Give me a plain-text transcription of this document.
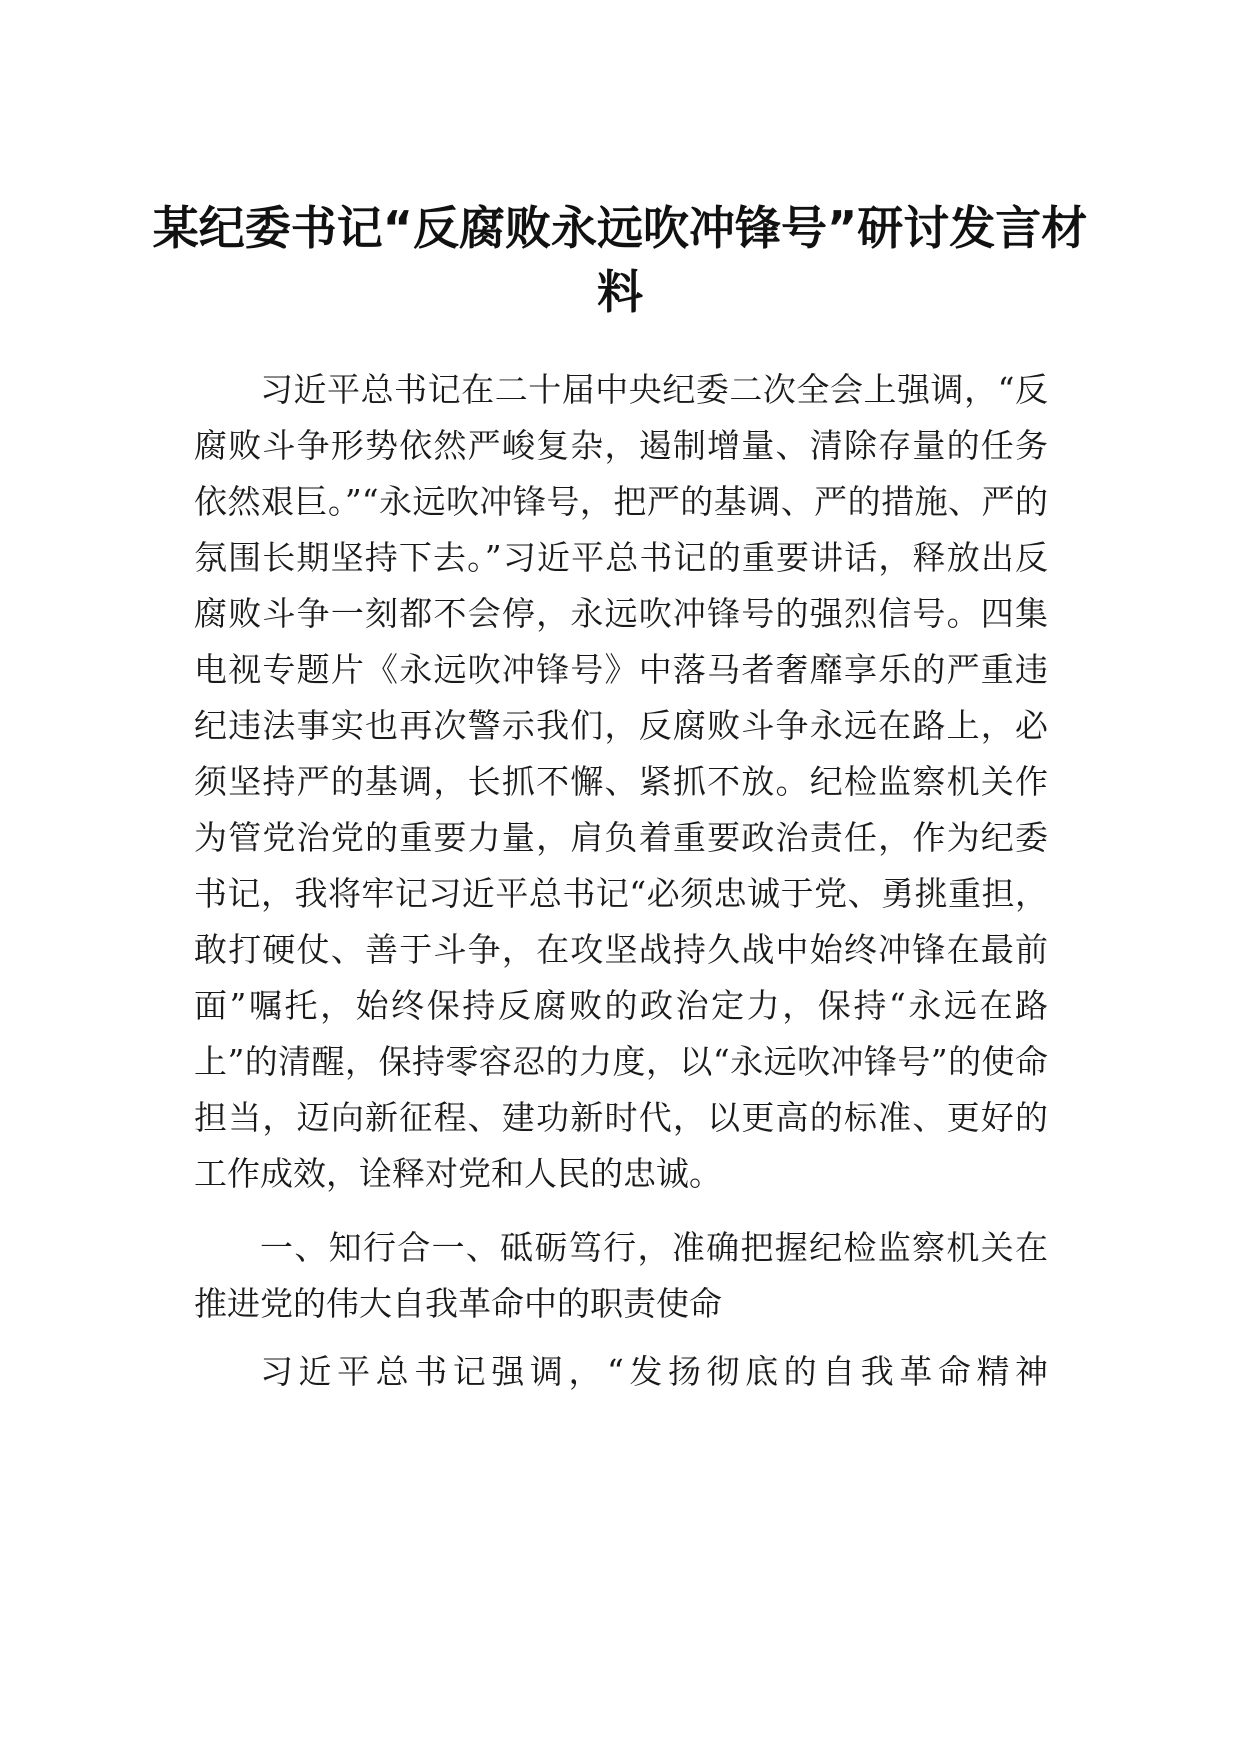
某纪委书记“反腐败永远吹冲锋号”研讨发言材料

习近平总书记在二十届中央纪委二次全会上强调，“反腐败斗争形势依然严峻复杂，遏制增量、清除存量的任务依然艰巨。”“永远吹冲锋号，把严的基调、严的措施、严的氛围长期坚持下去。”习近平总书记的重要讲话，释放出反腐败斗争一刻都不会停，永远吹冲锋号的强烈信号。四集电视专题片《永远吹冲锋号》中落马者奢靡享乐的严重违纪违法事实也再次警示我们，反腐败斗争永远在路上，必须坚持严的基调，长抓不懈、紧抓不放。纪检监察机关作为管党治党的重要力量，肩负着重要政治责任，作为纪委书记，我将牢记习近平总书记“必须忠诚于党、勇挑重担，敢打硬仗、善于斗争，在攻坚战持久战中始终冲锋在最前面”嘱托，始终保持反腐败的政治定力，保持“永远在路上”的清醒，保持零容忍的力度，以“永远吹冲锋号”的使命担当，迈向新征程、建功新时代，以更高的标准、更好的工作成效，诠释对党和人民的忠诚。

一、知行合一、砥砺笃行，准确把握纪检监察机关在推进党的伟大自我革命中的职责使命

习近平总书记强调，“发扬彻底的自我革命精神
